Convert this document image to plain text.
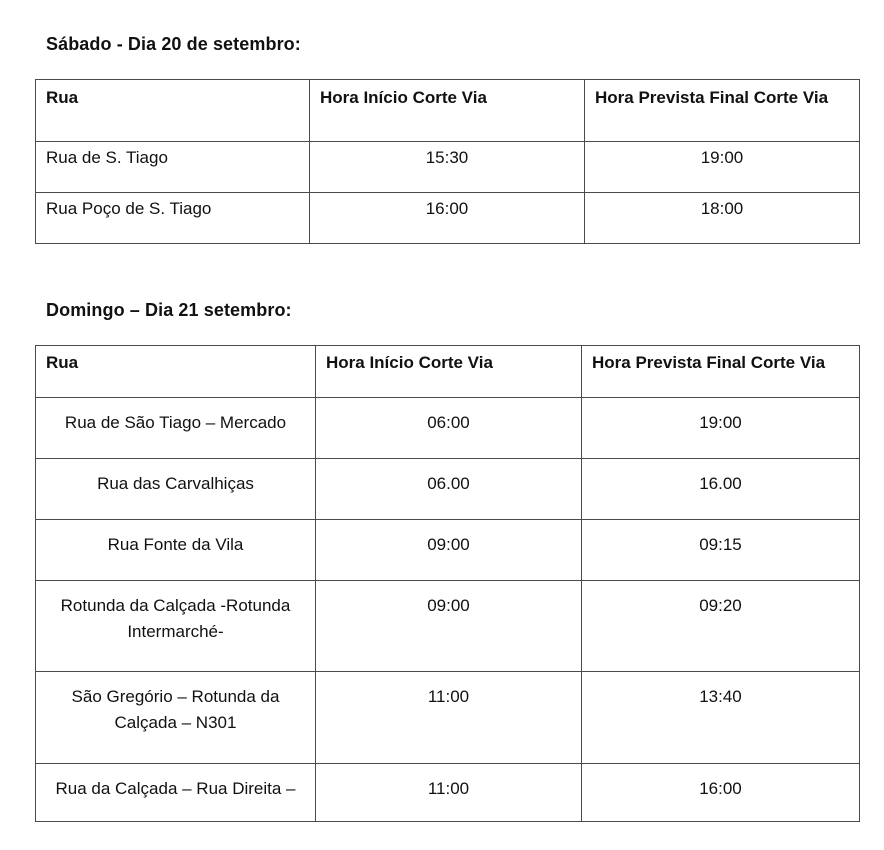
Sábado - Dia 20 de setembro:

Rua	Hora Início Corte Via	Hora Prevista Final Corte Via
Rua de S. Tiago	15:30	19:00
Rua Poço de S. Tiago	16:00	18:00

Domingo – Dia 21 setembro:

Rua	Hora Início Corte Via	Hora Prevista Final Corte Via
Rua de São Tiago – Mercado	06:00	19:00
Rua das Carvalhiças	06.00	16.00
Rua Fonte da Vila	09:00	09:15
Rotunda da Calçada -Rotunda Intermarché-	09:00	09:20
São Gregório – Rotunda da Calçada – N301	11:00	13:40
Rua da Calçada – Rua Direita –	11:00	16:00
